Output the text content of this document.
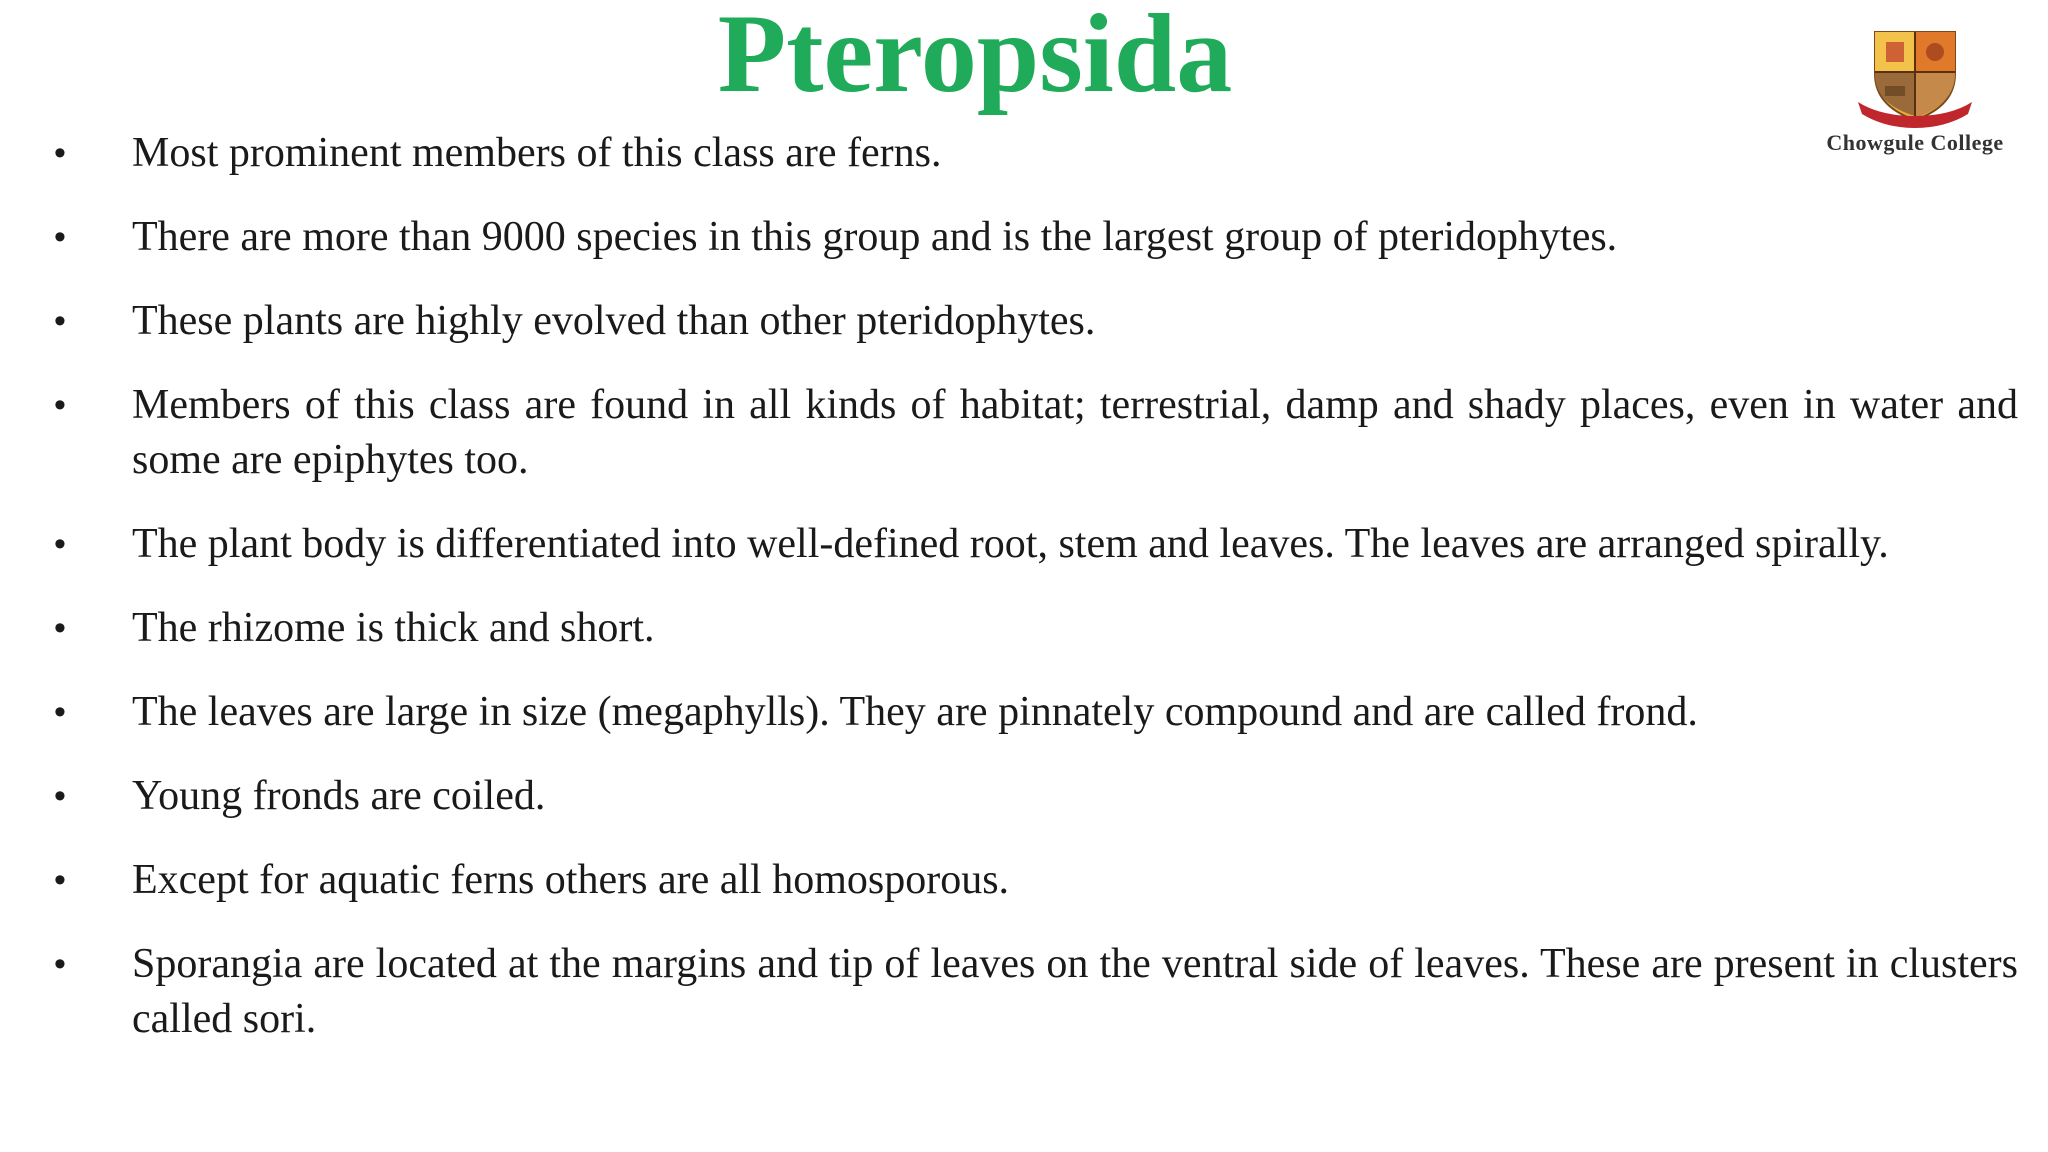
Pteropsida
Chowgule College
• Most prominent members of this class are ferns.
• There are more than 9000 species in this group and is the largest group of pteridophytes.
• These plants are highly evolved than other pteridophytes.
• Members of this class are found in all kinds of habitat; terrestrial, damp and shady places, even in water and some are epiphytes too.
• The plant body is differentiated into well-defined root, stem and leaves. The leaves are arranged spirally.
• The rhizome is thick and short.
• The leaves are large in size (megaphylls). They are pinnately compound and are called frond.
• Young fronds are coiled.
• Except for aquatic ferns others are all homosporous.
• Sporangia are located at the margins and tip of leaves on the ventral side of leaves. These are present in clusters called sori.
